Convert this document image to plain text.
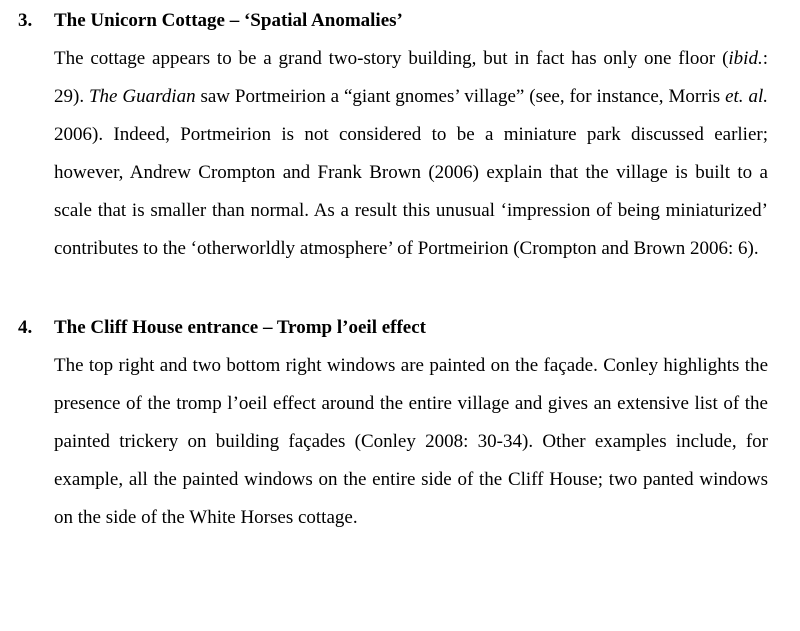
3.	The Unicorn Cottage – ‘Spatial Anomalies’

The cottage appears to be a grand two-story building, but in fact has only one floor (ibid.: 29). The Guardian saw Portmeirion a “giant gnomes’ village” (see, for instance, Morris et. al. 2006). Indeed, Portmeirion is not considered to be a miniature park discussed earlier; however, Andrew Crompton and Frank Brown (2006) explain that the village is built to a scale that is smaller than normal. As a result this unusual ‘impression of being miniaturized’ contributes to the ‘otherworldly atmosphere’ of Portmeirion (Crompton and Brown 2006: 6).

4.	The Cliff House entrance – Tromp l’oeil effect

The top right and two bottom right windows are painted on the façade. Conley highlights the presence of the tromp l’oeil effect around the entire village and gives an extensive list of the painted trickery on building façades (Conley 2008: 30-34). Other examples include, for example, all the painted windows on the entire side of the Cliff House; two panted windows on the side of the White Horses cottage.
